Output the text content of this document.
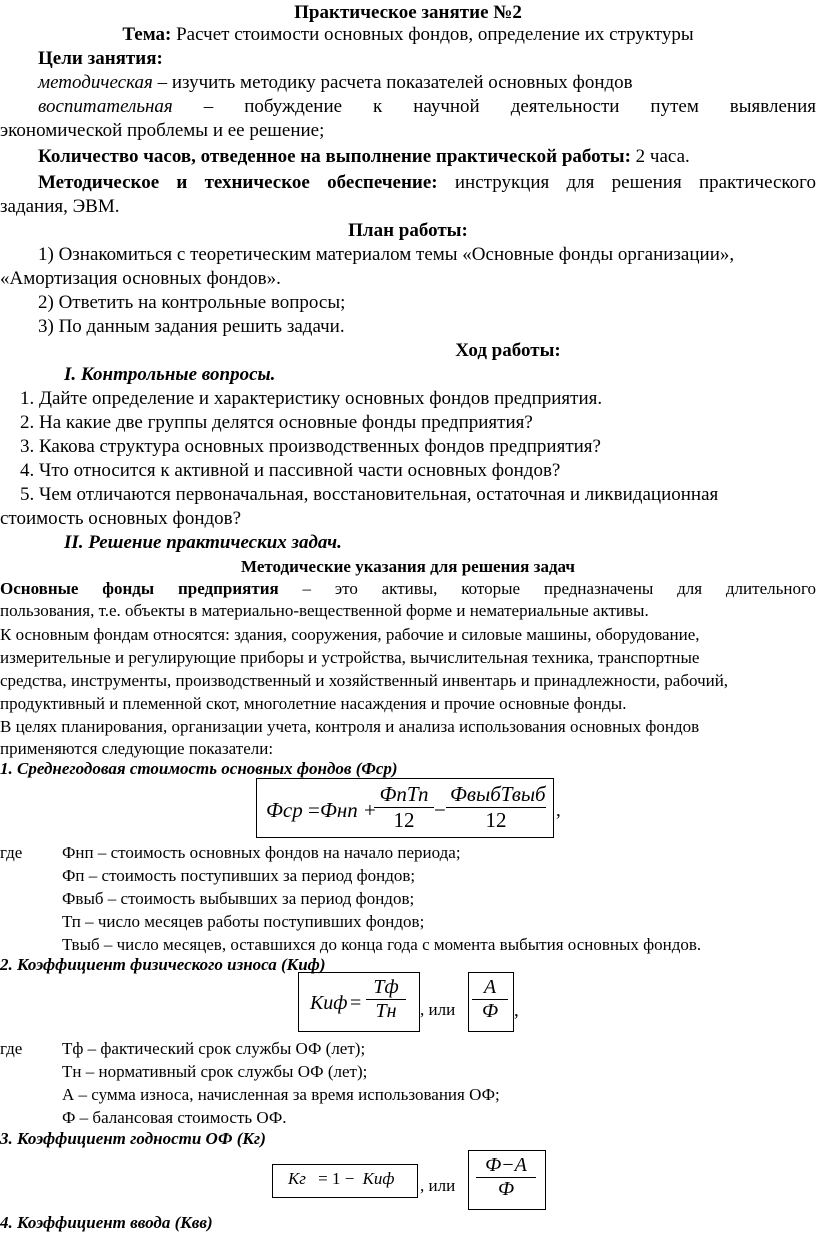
Практическое занятие №2
Тема: Расчет стоимости основных фондов, определение их структуры
Цели занятия:
методическая – изучить методику расчета показателей основных фондов
воспитательная – побуждение к научной деятельности путем выявления
экономической проблемы и ее решение;
Количество часов, отведенное на выполнение практической работы: 2 часа.
Методическое и техническое обеспечение: инструкция для решения практического
задания, ЭВМ.
План работы:
1) Ознакомиться с теоретическим материалом темы «Основные фонды организации»,
«Амортизация основных фондов».
2) Ответить на контрольные вопросы;
3) По данным задания решить задачи.
Ход работы:
I. Контрольные вопросы.
1. Дайте определение и характеристику основных фондов предприятия.
2. На какие две группы делятся основные фонды предприятия?
3. Какова структура основных производственных фондов предприятия?
4. Что относится к активной и пассивной части основных фондов?
5. Чем отличаются первоначальная, восстановительная, остаточная и ликвидационная
стоимость основных фондов?
II. Решение практических задач.
Методические указания для решения задач
Основные фонды предприятия – это активы, которые предназначены для длительного
пользования, т.е. объекты в материально-вещественной форме и нематериальные активы.
К основным фондам относятся: здания, сооружения, рабочие и силовые машины, оборудование,
измерительные и регулирующие приборы и устройства, вычислительная техника, транспортные
средства, инструменты, производственный и хозяйственный инвентарь и принадлежности, рабочий,
продуктивный и племенной скот, многолетние насаждения и прочие основные фонды.
В целях планирования, организации учета, контроля и анализа использования основных фондов
применяются следующие показатели:
1. Среднегодовая стоимость основных фондов (Фср)
Фср = Фнп +
ФпТп
12 −
ФвыбТвыб
12	,
где Фнп – стоимость основных фондов на начало периода;
Фп – стоимость поступивших за период фондов;
Фвыб – стоимость выбывших за период фондов;
Тп – число месяцев работы поступивших фондов;
Твыб – число месяцев, оставшихся до конца года с момента выбытия основных фондов.
2. Коэффициент физического износа (Киф)
Киф =
Тф
Тн	, или
А
Ф ,
где Тф – фактический срок службы ОФ (лет);
Тн – нормативный срок службы ОФ (лет);
А – сумма износа, начисленная за время использования ОФ;
Ф – балансовая стоимость ОФ.
3. Коэффициент годности ОФ (Кг)
Кг = 1 − Киф , или
Ф−А
Ф
4. Коэффициент ввода (Квв)
